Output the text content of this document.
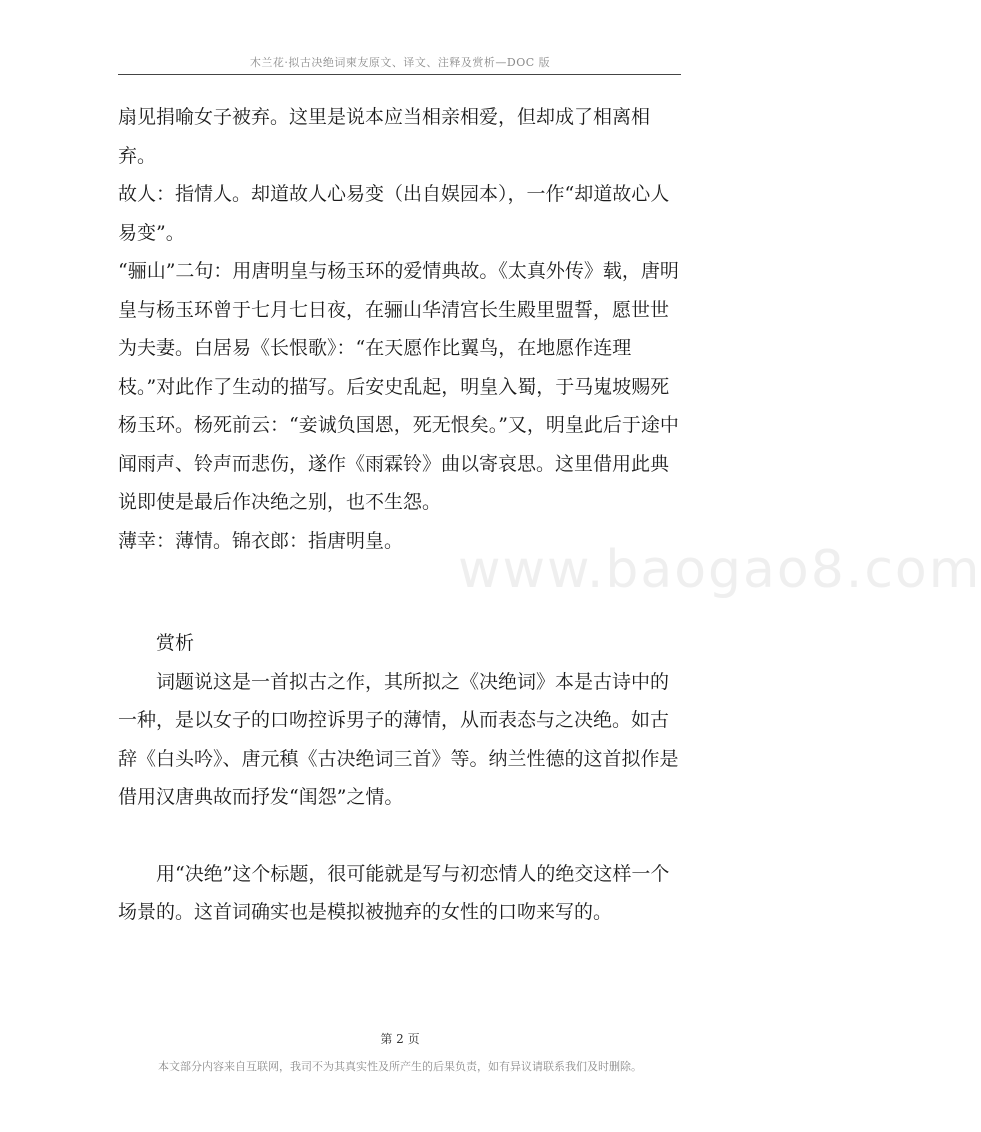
木兰花·拟古决绝词柬友原文、译文、注释及赏析—DOC 版
www.baogao8.com

扇见捐喻女子被弃。这里是说本应当相亲相爱，但却成了相离相弃。

故人：指情人。却道故人心易变（出自娱园本），一作“却道故心人易变”。

“骊山”二句：用唐明皇与杨玉环的爱情典故。《太真外传》载，唐明皇与杨玉环曾于七月七日夜，在骊山华清宫长生殿里盟誓，愿世世为夫妻。白居易《长恨歌》：“在天愿作比翼鸟，在地愿作连理枝。”对此作了生动的描写。后安史乱起，明皇入蜀，于马嵬坡赐死杨玉环。杨死前云：“妾诚负国恩，死无恨矣。”又，明皇此后于途中闻雨声、铃声而悲伤，遂作《雨霖铃》曲以寄哀思。这里借用此典说即使是最后作决绝之别，也不生怨。

薄幸：薄情。锦衣郎：指唐明皇。

赏析

词题说这是一首拟古之作，其所拟之《决绝词》本是古诗中的一种，是以女子的口吻控诉男子的薄情，从而表态与之决绝。如古辞《白头吟》、唐元稹《古决绝词三首》等。纳兰性德的这首拟作是借用汉唐典故而抒发“闺怨”之情。

用“决绝”这个标题，很可能就是写与初恋情人的绝交这样一个场景的。这首词确实也是模拟被抛弃的女性的口吻来写的。

第 2 页
本文部分内容来自互联网，我司不为其真实性及所产生的后果负责，如有异议请联系我们及时删除。
